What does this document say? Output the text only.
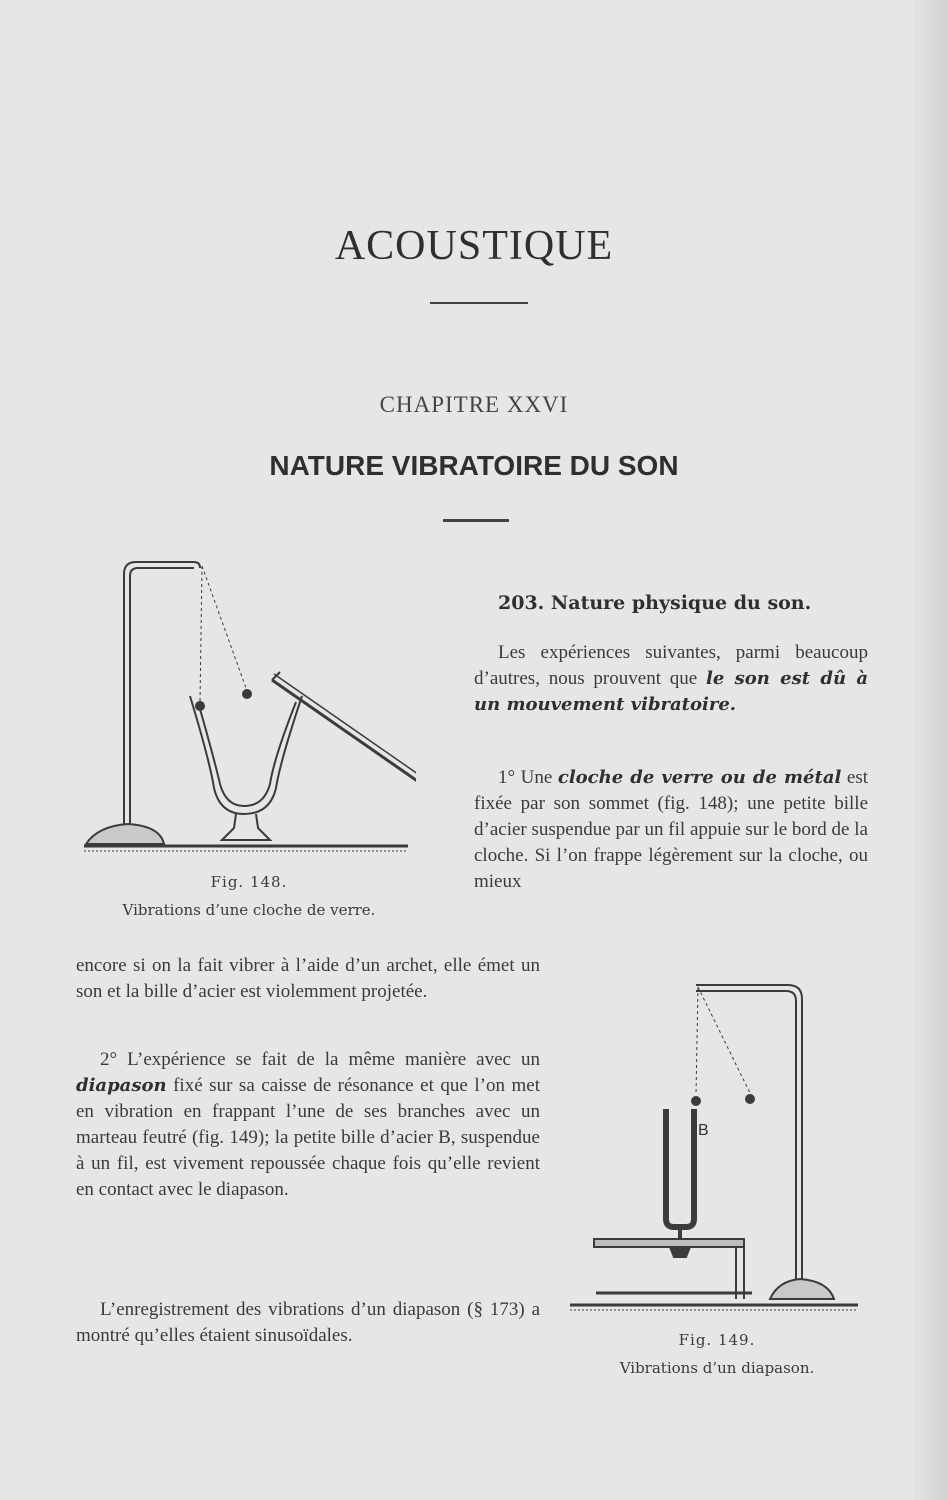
ACOUSTIQUE
CHAPITRE XXVI
NATURE VIBRATOIRE DU SON
Fig. 148.
Vibrations d’une cloche de verre.
203. Nature physique du son.
Les expériences suivantes, parmi beaucoup d’autres, nous prouvent que le son est dû à un mouvement vibratoire.
1° Une cloche de verre ou de métal est fixée par son sommet (fig. 148); une petite bille d’acier suspendue par un fil appuie sur le bord de la cloche. Si l’on frappe légèrement sur la cloche, ou mieux
encore si on la fait vibrer à l’aide d’un archet, elle émet un son et la bille d’acier est violemment projetée.
2° L’expérience se fait de la même manière avec un diapason fixé sur sa caisse de résonance et que l’on met en vibration en frappant l’une de ses branches avec un marteau feutré (fig. 149); la petite bille d’acier B, suspendue à un fil, est vivement repoussée chaque fois qu’elle revient en contact avec le diapason.
L’enregistrement des vibrations d’un diapason (§ 173) a montré qu’elles étaient sinusoïdales.
B
Fig. 149.
Vibrations d’un diapason.
